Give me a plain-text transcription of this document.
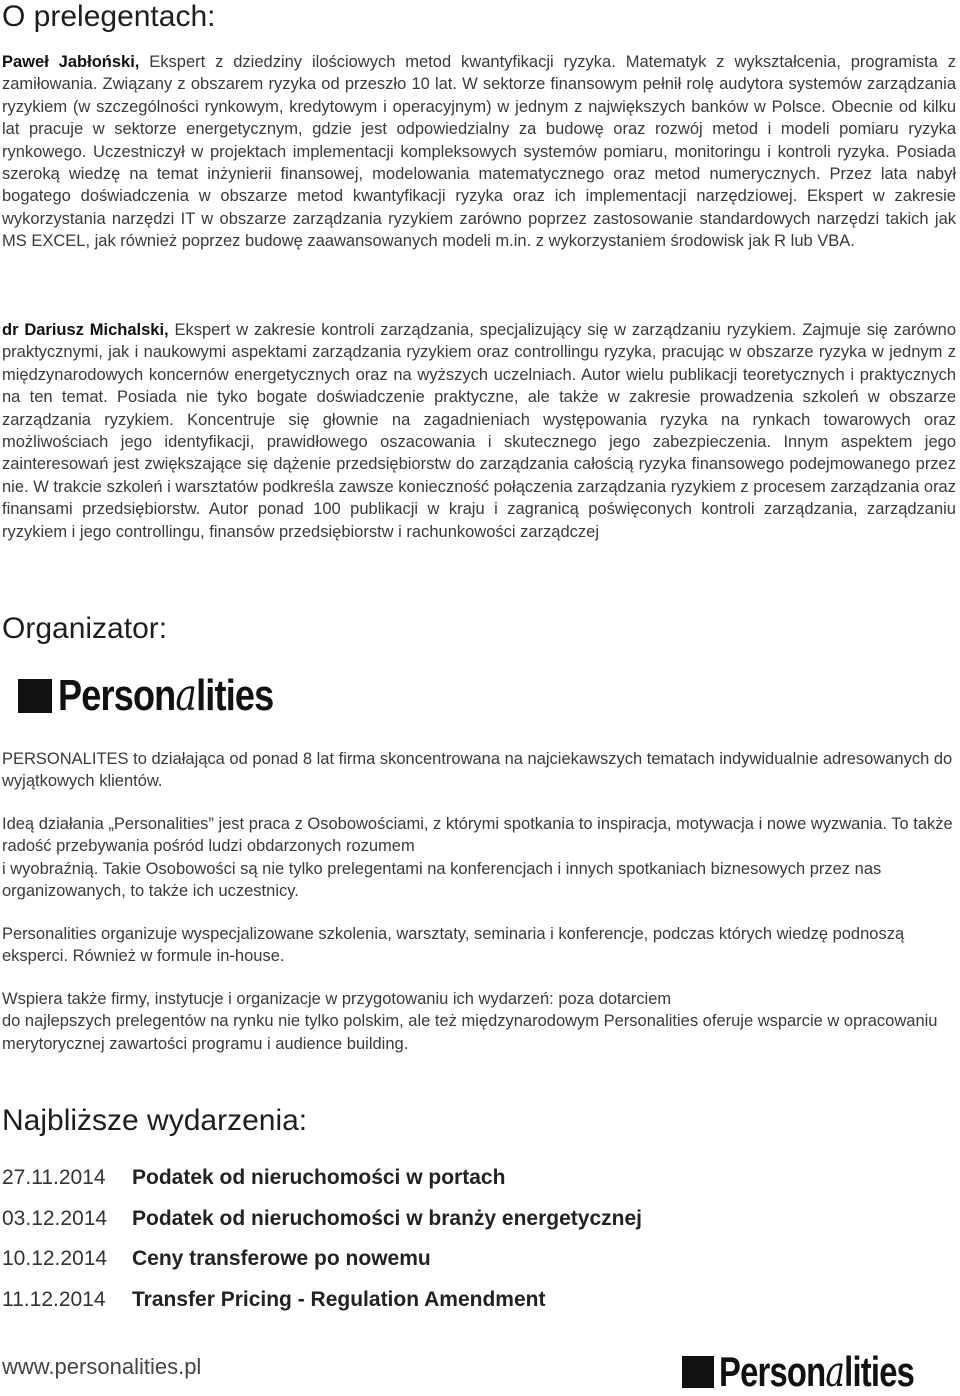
O prelegentach:

Paweł Jabłoński, Ekspert z dziedziny ilościowych metod kwantyfikacji ryzyka. Matematyk z wykształcenia, programista z zamiłowania. Związany z obszarem ryzyka od przeszło 10 lat. W sektorze finansowym pełnił rolę audytora systemów zarządzania ryzykiem (w szczególności rynkowym, kredytowym i operacyjnym) w jednym z największych banków w Polsce. Obecnie od kilku lat pracuje w sektorze energetycznym, gdzie jest odpowiedzialny za budowę oraz rozwój metod i modeli pomiaru ryzyka rynkowego. Uczestniczył w projektach implementacji kompleksowych systemów pomiaru, monitoringu i kontroli ryzyka. Posiada szeroką wiedzę na temat inżynierii finansowej, modelowania matematycznego oraz metod numerycznych. Przez lata nabył bogatego doświadczenia w obszarze metod kwantyfikacji ryzyka oraz ich implementacji narzędziowej. Ekspert w zakresie wykorzystania narzędzi IT w obszarze zarządzania ryzykiem zarówno poprzez zastosowanie standardowych narzędzi takich jak MS EXCEL, jak również poprzez budowę zaawansowanych modeli m.in. z wykorzystaniem środowisk jak R lub VBA.

dr Dariusz Michalski, Ekspert w zakresie kontroli zarządzania, specjalizujący się w zarządzaniu ryzykiem. Zajmuje się zarówno praktycznymi, jak i naukowymi aspektami zarządzania ryzykiem oraz controllingu ryzyka, pracując w obszarze ryzyka w jednym z międzynarodowych koncernów energetycznych oraz na wyższych uczelniach. Autor wielu publikacji teoretycznych i praktycznych na ten temat. Posiada nie tyko bogate doświadczenie praktyczne, ale także w zakresie prowadzenia szkoleń w obszarze zarządzania ryzykiem. Koncentruje się głownie na zagadnieniach występowania ryzyka na rynkach towarowych oraz możliwościach jego identyfikacji, prawidłowego oszacowania i skutecznego jego zabezpieczenia. Innym aspektem jego zainteresowań jest zwiększające się dążenie przedsiębiorstw do zarządzania całością ryzyka finansowego podejmowanego przez nie. W trakcie szkoleń i warsztatów podkreśla zawsze konieczność połączenia zarządzania ryzykiem z procesem zarządzania oraz finansami przedsiębiorstw. Autor ponad 100 publikacji w kraju i zagranicą poświęconych kontroli zarządzania, zarządzaniu ryzykiem i jego controllingu, finansów przedsiębiorstw i rachunkowości zarządczej

Organizator:
Personalities

PERSONALITES to działająca od ponad 8 lat firma skoncentrowana na najciekawszych tematach indywidualnie adresowanych do wyjątkowych klientów.

Ideą działania „Personalities” jest praca z Osobowościami, z którymi spotkania to inspiracja, motywacja i nowe wyzwania. To także radość przebywania pośród ludzi obdarzonych rozumem
i wyobraźnią. Takie Osobowości są nie tylko prelegentami na konferencjach i innych spotkaniach biznesowych przez nas organizowanych, to także ich uczestnicy.

Personalities organizuje wyspecjalizowane szkolenia, warsztaty, seminaria i konferencje, podczas których wiedzę podnoszą eksperci. Również w formule in-house.

Wspiera także firmy, instytucje i organizacje w przygotowaniu ich wydarzeń: poza dotarciem
do najlepszych prelegentów na rynku nie tylko polskim, ale też międzynarodowym Personalities oferuje wsparcie w opracowaniu merytorycznej zawartości programu i audience building.
Najbliższe wydarzenia:
27.11.2014 Podatek od nieruchomości w portach
03.12.2014 Podatek od nieruchomości w branży energetycznej
10.12.2014 Ceny transferowe po nowemu
11.12.2014 Transfer Pricing - Regulation Amendment
www.personalities.pl	Personalities
